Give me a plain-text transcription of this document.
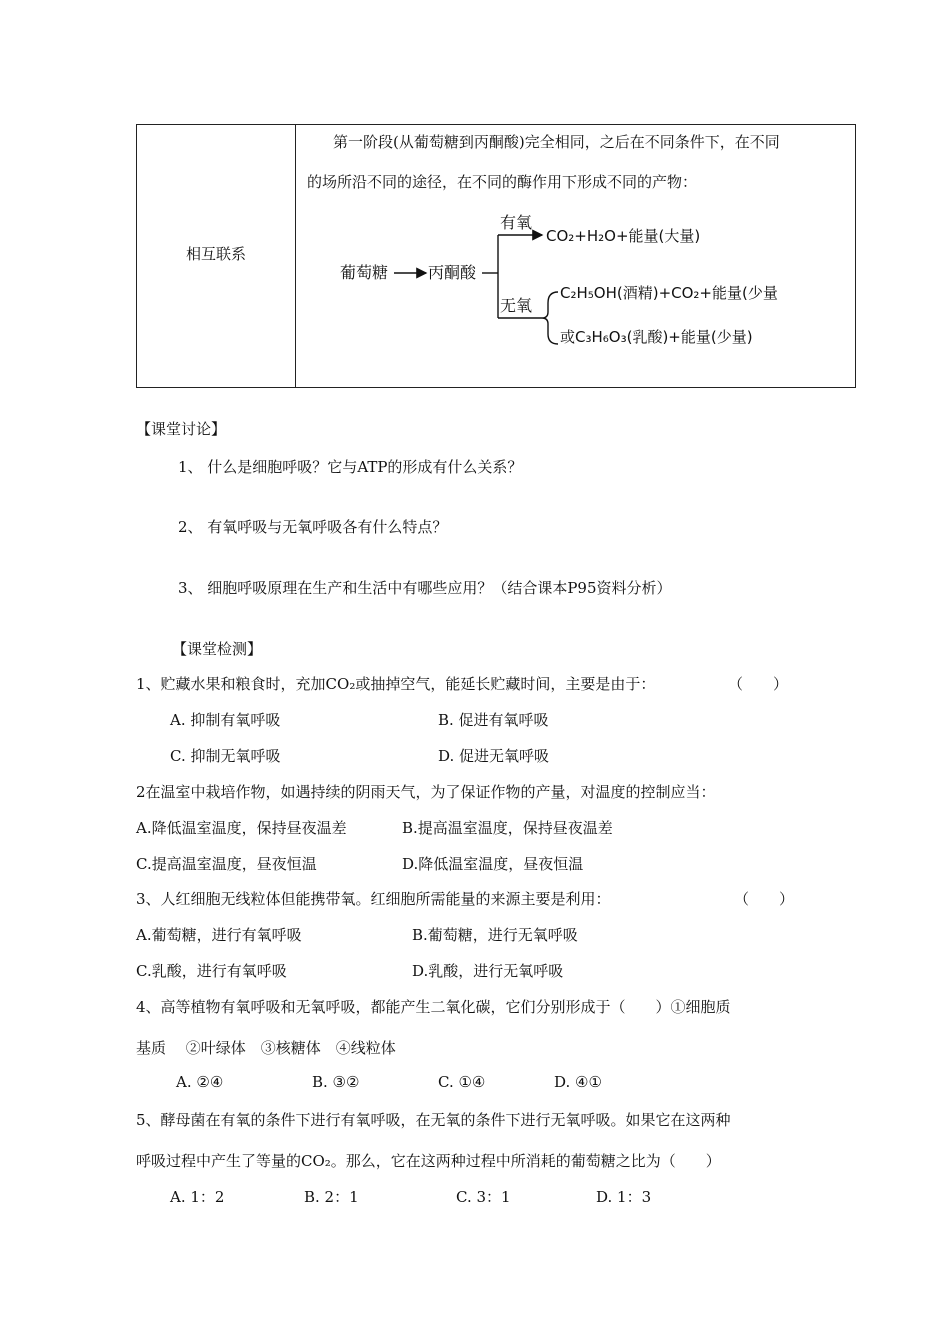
相互联系
第一阶段(从葡萄糖到丙酮酸)完全相同，之后在不同条件下，在不同
的场所沿不同的途径，在不同的酶作用下形成不同的产物：
葡萄糖 丙酮酸
有氧
无氧
CO₂+H₂O+能量(大量)
C₂H₅OH(酒精)+CO₂+能量(少量
或C₃H₆O₃(乳酸)+能量(少量)
【课堂讨论】
1、 什么是细胞呼吸？它与ATP的形成有什么关系？
2、 有氧呼吸与无氧呼吸各有什么特点？
3、 细胞呼吸原理在生产和生活中有哪些应用？（结合课本P95资料分析）
【课堂检测】
1、贮藏水果和粮食时，充加CO₂或抽掉空气，能延长贮藏时间，主要是由于：	（　　）
A. 抑制有氧呼吸	B. 促进有氧呼吸
C. 抑制无氧呼吸	D. 促进无氧呼吸
2在温室中栽培作物，如遇持续的阴雨天气，为了保证作物的产量，对温度的控制应当：
A.降低温室温度，保持昼夜温差	B.提高温室温度，保持昼夜温差
C.提高温室温度，昼夜恒温	D.降低温室温度，昼夜恒温
3、人红细胞无线粒体但能携带氧。红细胞所需能量的来源主要是利用：	（　　）
A.葡萄糖，进行有氧呼吸	B.葡萄糖，进行无氧呼吸
C.乳酸，进行有氧呼吸	D.乳酸，进行无氧呼吸
4、高等植物有氧呼吸和无氧呼吸，都能产生二氧化碳，它们分别形成于（　　）①细胞质
基质　 ②叶绿体　③核糖体　④线粒体
A. ②④	B. ③②	C. ①④	D. ④①
5、酵母菌在有氧的条件下进行有氧呼吸，在无氧的条件下进行无氧呼吸。如果它在这两种
呼吸过程中产生了等量的CO₂。那么，它在这两种过程中所消耗的葡萄糖之比为（　　）
A. 1：2	B. 2：1	C. 3：1	D. 1：3
